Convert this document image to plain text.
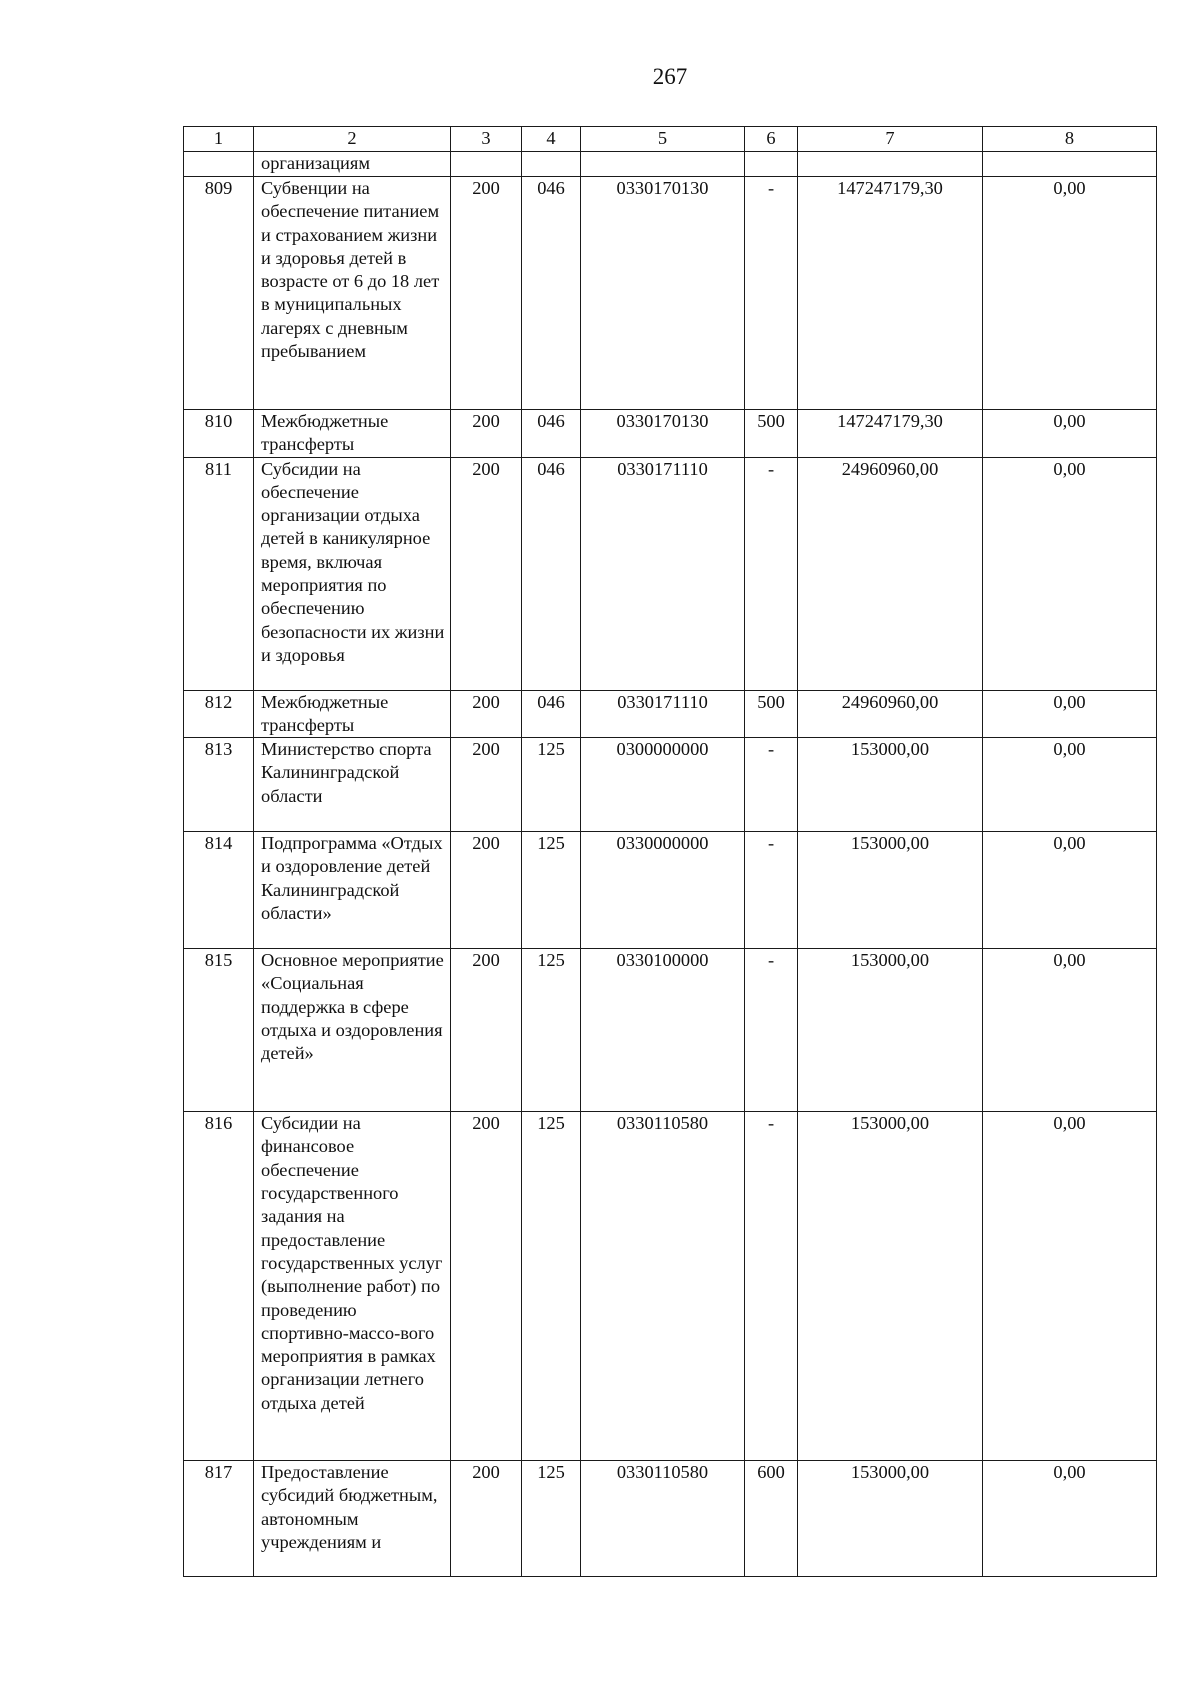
267
1	2	3	4	5	6	7	8
	организациям						
809	Субвенции на обеспечение питанием и страхованием жизни и здоровья детей в возрасте от 6 до 18 лет в муниципальных лагерях с дневным пребыванием	200	046	0330170130	-	147247179,30	0,00
810	Межбюджетные трансферты	200	046	0330170130	500	147247179,30	0,00
811	Субсидии на обеспечение организации отдыха детей в каникулярное время, включая мероприятия по обеспечению безопасности их жизни и здоровья	200	046	0330171110	-	24960960,00	0,00
812	Межбюджетные трансферты	200	046	0330171110	500	24960960,00	0,00
813	Министерство спорта Калининградской области	200	125	0300000000	-	153000,00	0,00
814	Подпрограмма «Отдых и оздоровление детей Калининградской области»	200	125	0330000000	-	153000,00	0,00
815	Основное мероприятие «Социальная поддержка в сфере отдыха и оздоровления детей»	200	125	0330100000	-	153000,00	0,00
816	Субсидии на финансовое обеспечение государственного задания на предоставление государственных услуг (выполнение работ) по проведению спортивно-массо-вого мероприятия в рамках организации летнего отдыха детей	200	125	0330110580	-	153000,00	0,00
817	Предоставление субсидий бюджетным, автономным учреждениям и	200	125	0330110580	600	153000,00	0,00
